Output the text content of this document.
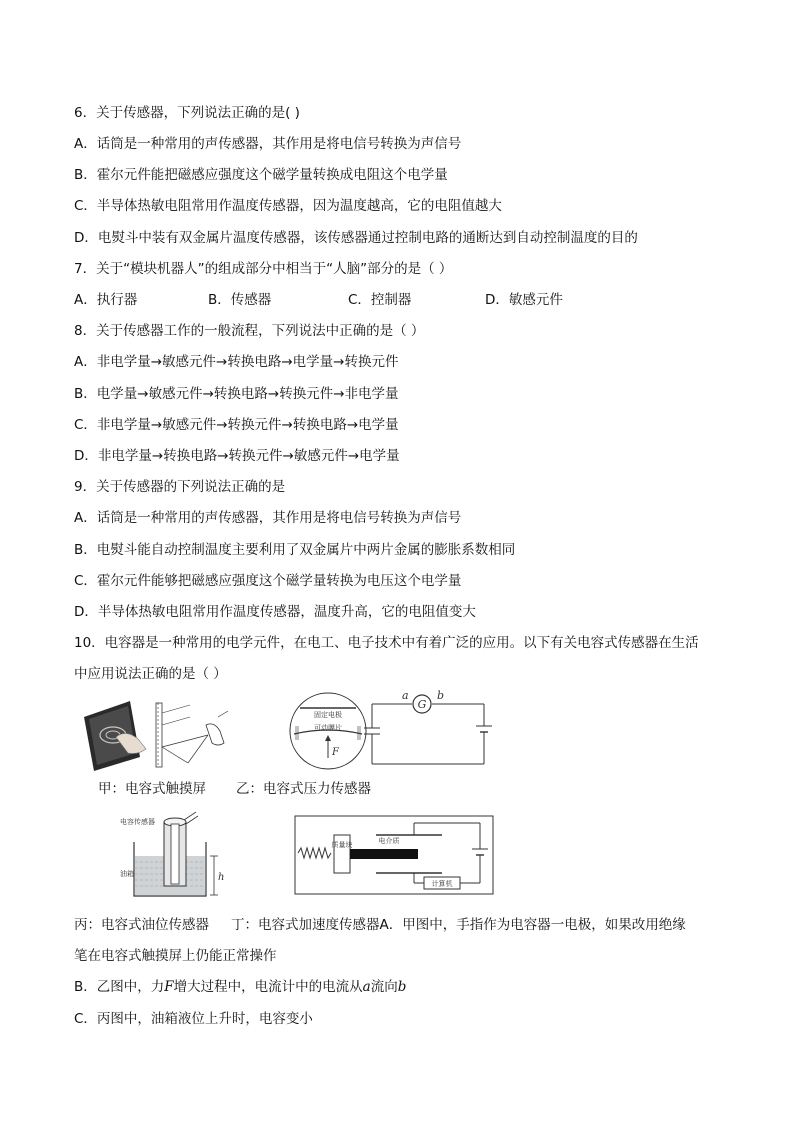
6．关于传感器，下列说法正确的是( )
A．话筒是一种常用的声传感器，其作用是将电信号转换为声信号
B．霍尔元件能把磁感应强度这个磁学量转换成电阻这个电学量
C．半导体热敏电阻常用作温度传感器，因为温度越高，它的电阻值越大
D．电熨斗中装有双金属片温度传感器，该传感器通过控制电路的通断达到自动控制温度的目的
7．关于“模块机器人”的组成部分中相当于“人脑”部分的是（ ）
A．执行器	B．传感器	C．控制器	D．敏感元件
8．关于传感器工作的一般流程，下列说法中正确的是（ ）
A．非电学量→敏感元件→转换电路→电学量→转换元件
B．电学量→敏感元件→转换电路→转换元件→非电学量
C．非电学量→敏感元件→转换元件→转换电路→电学量
D．非电学量→转换电路→转换元件→敏感元件→电学量
9．关于传感器的下列说法正确的是
A．话筒是一种常用的声传感器，其作用是将电信号转换为声信号
B．电熨斗能自动控制温度主要利用了双金属片中两片金属的膨胀系数相同
C．霍尔元件能够把磁感应强度这个磁学量转换为电压这个电学量
D．半导体热敏电阻常用作温度传感器，温度升高，它的电阻值变大
10．电容器是一种常用的电学元件，在电工、电子技术中有着广泛的应用。以下有关电容式传感器在生活
中应用说法正确的是（ ）
固定电极
可动膜片
F
G
a	b
甲：电容式触摸屏 乙：电容式压力传感器
电容传感器
油箱	h
质量块	电介质
计算机
丙：电容式油位传感器 丁：电容式加速度传感器A．甲图中，手指作为电容器一电极，如果改用绝缘
笔在电容式触摸屏上仍能正常操作
B．乙图中，力F增大过程中，电流计中的电流从a流向b
C．丙图中，油箱液位上升时，电容变小
